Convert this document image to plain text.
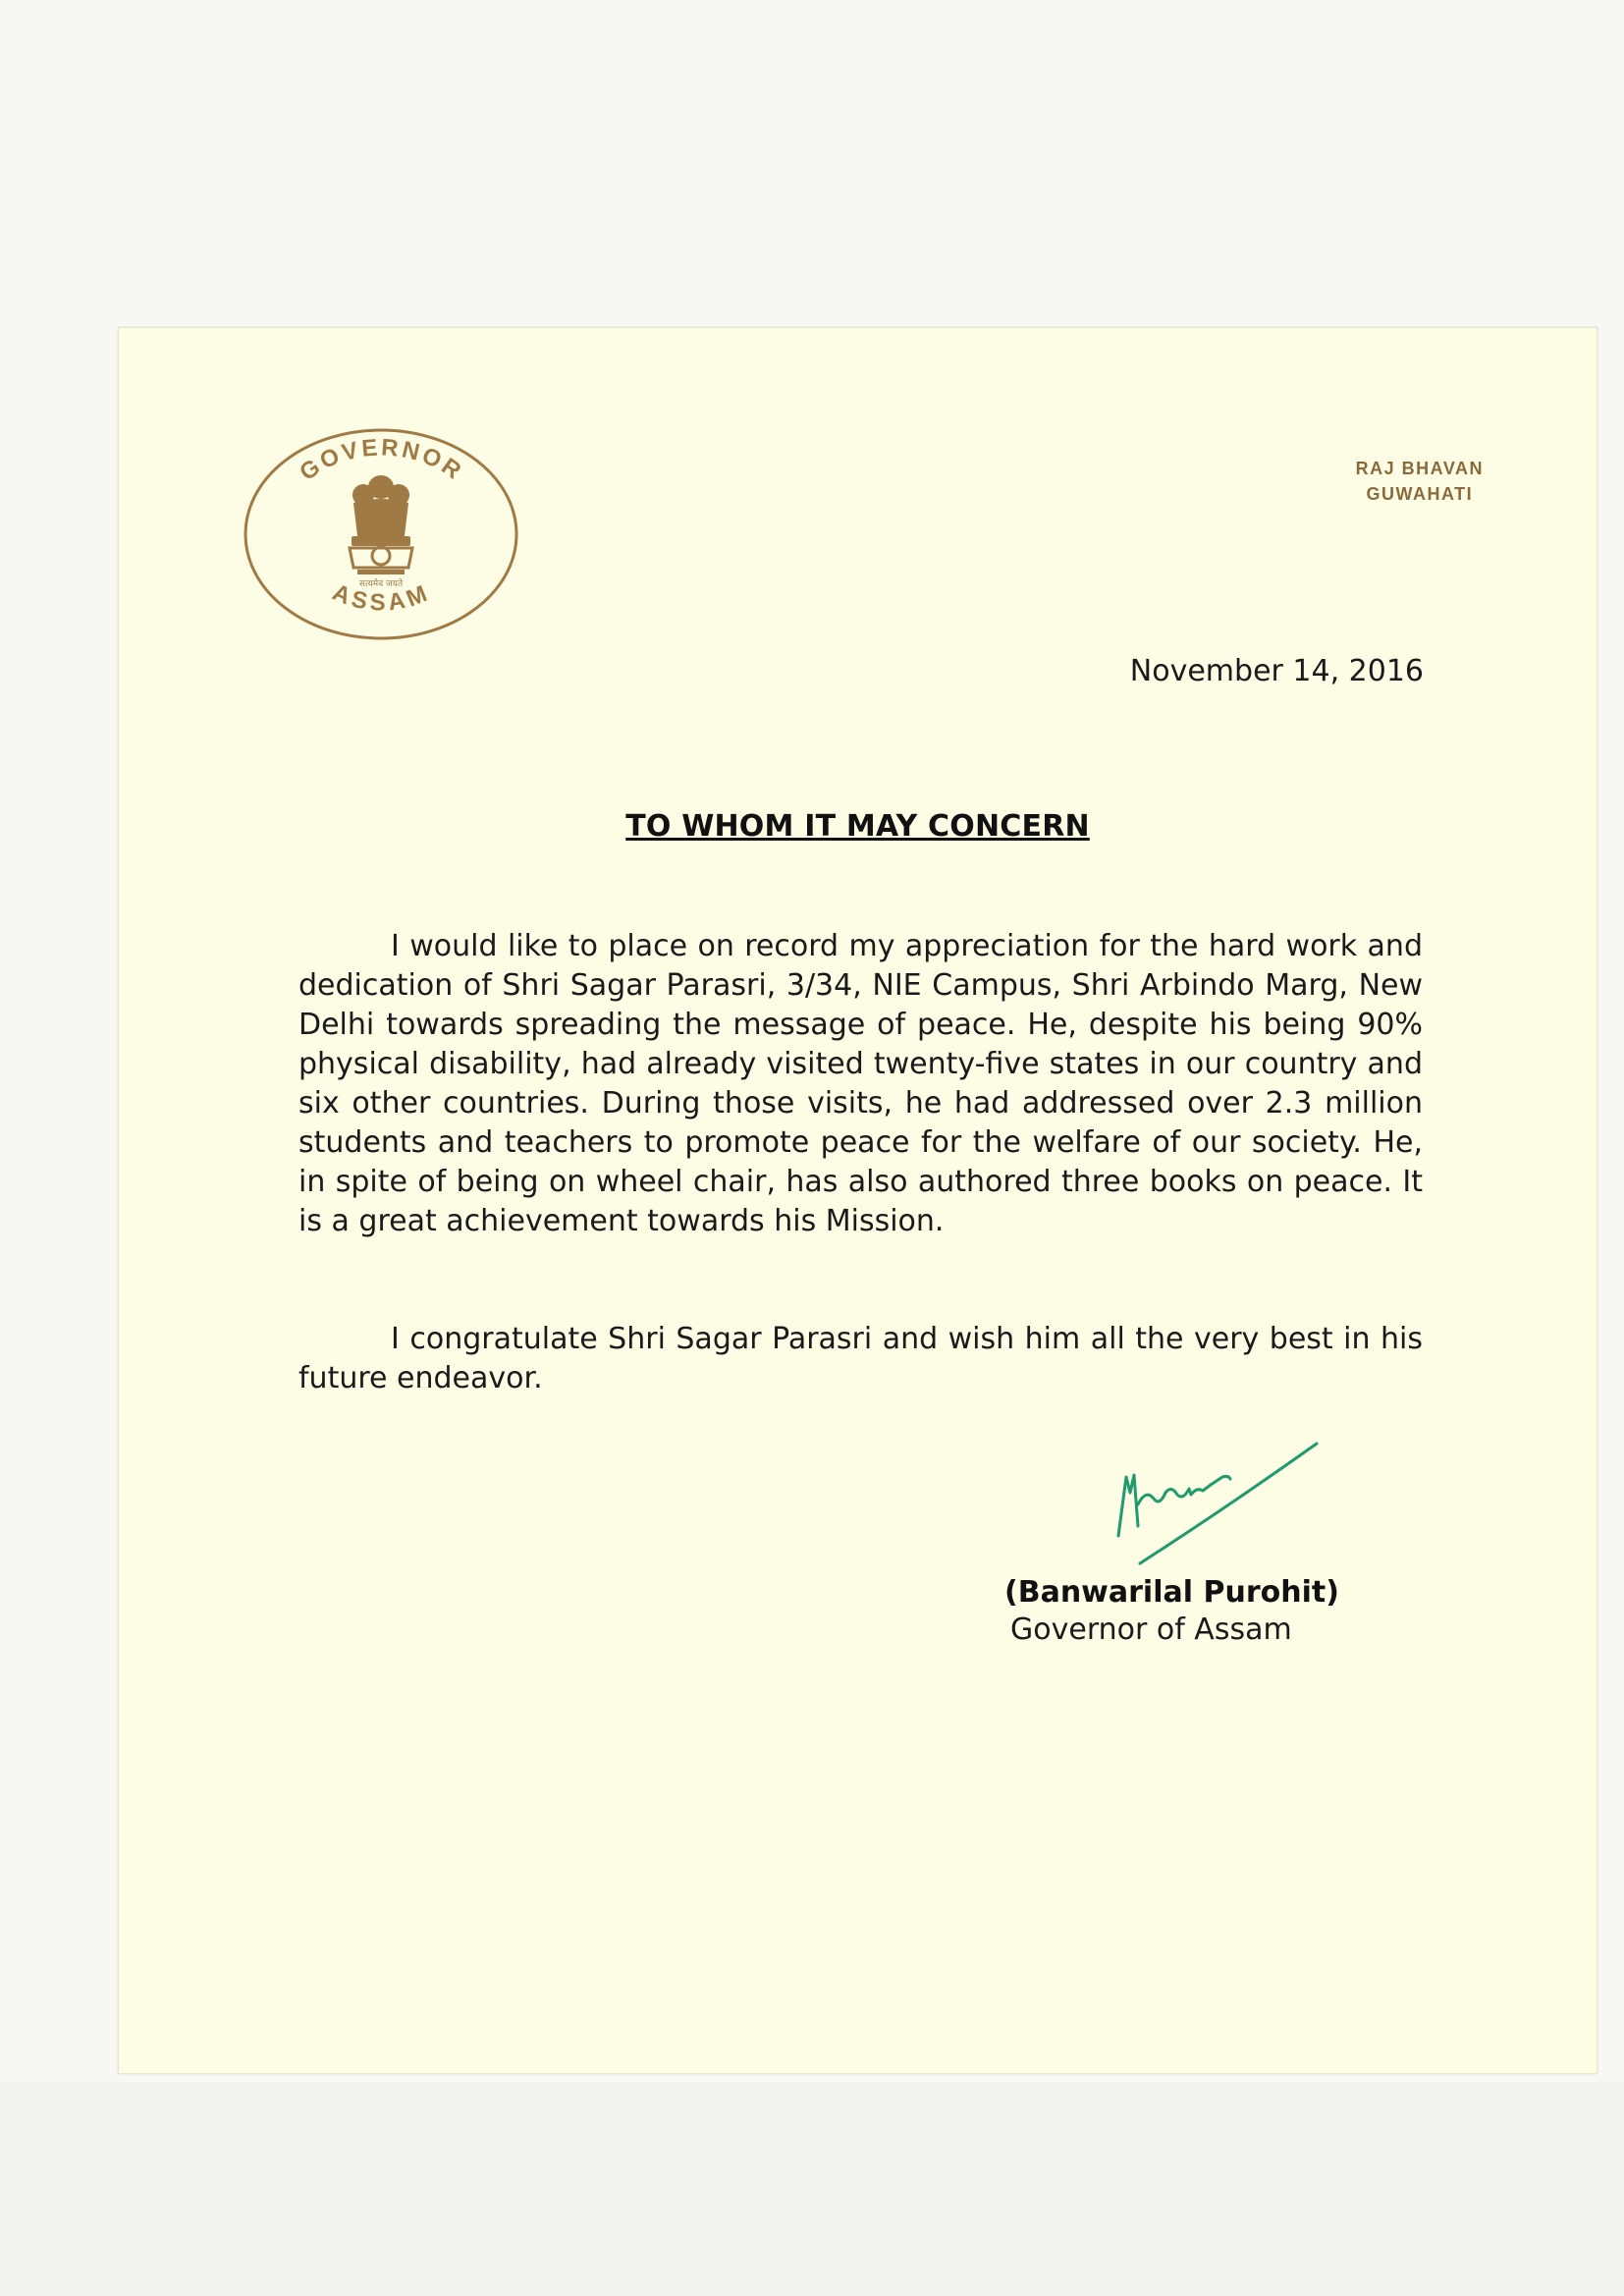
GOVERNOR
ASSAM
सत्यमेव जयते
RAJ BHAVAN
GUWAHATI
November 14, 2016
TO WHOM IT MAY CONCERN

I would like to place on record my appreciation for the hard work and dedication of Shri Sagar Parasri, 3/34, NIE Campus, Shri Arbindo Marg, New Delhi towards spreading the message of peace. He, despite his being 90% physical disability, had already visited twenty-five states in our country and six other countries. During those visits, he had addressed over 2.3 million students and teachers to promote peace for the welfare of our society. He, in spite of being on wheel chair, has also authored three books on peace. It is a great achievement towards his Mission.

I congratulate Shri Sagar Parasri and wish him all the very best in his future endeavor.

(Banwarilal Purohit)
Governor of Assam
